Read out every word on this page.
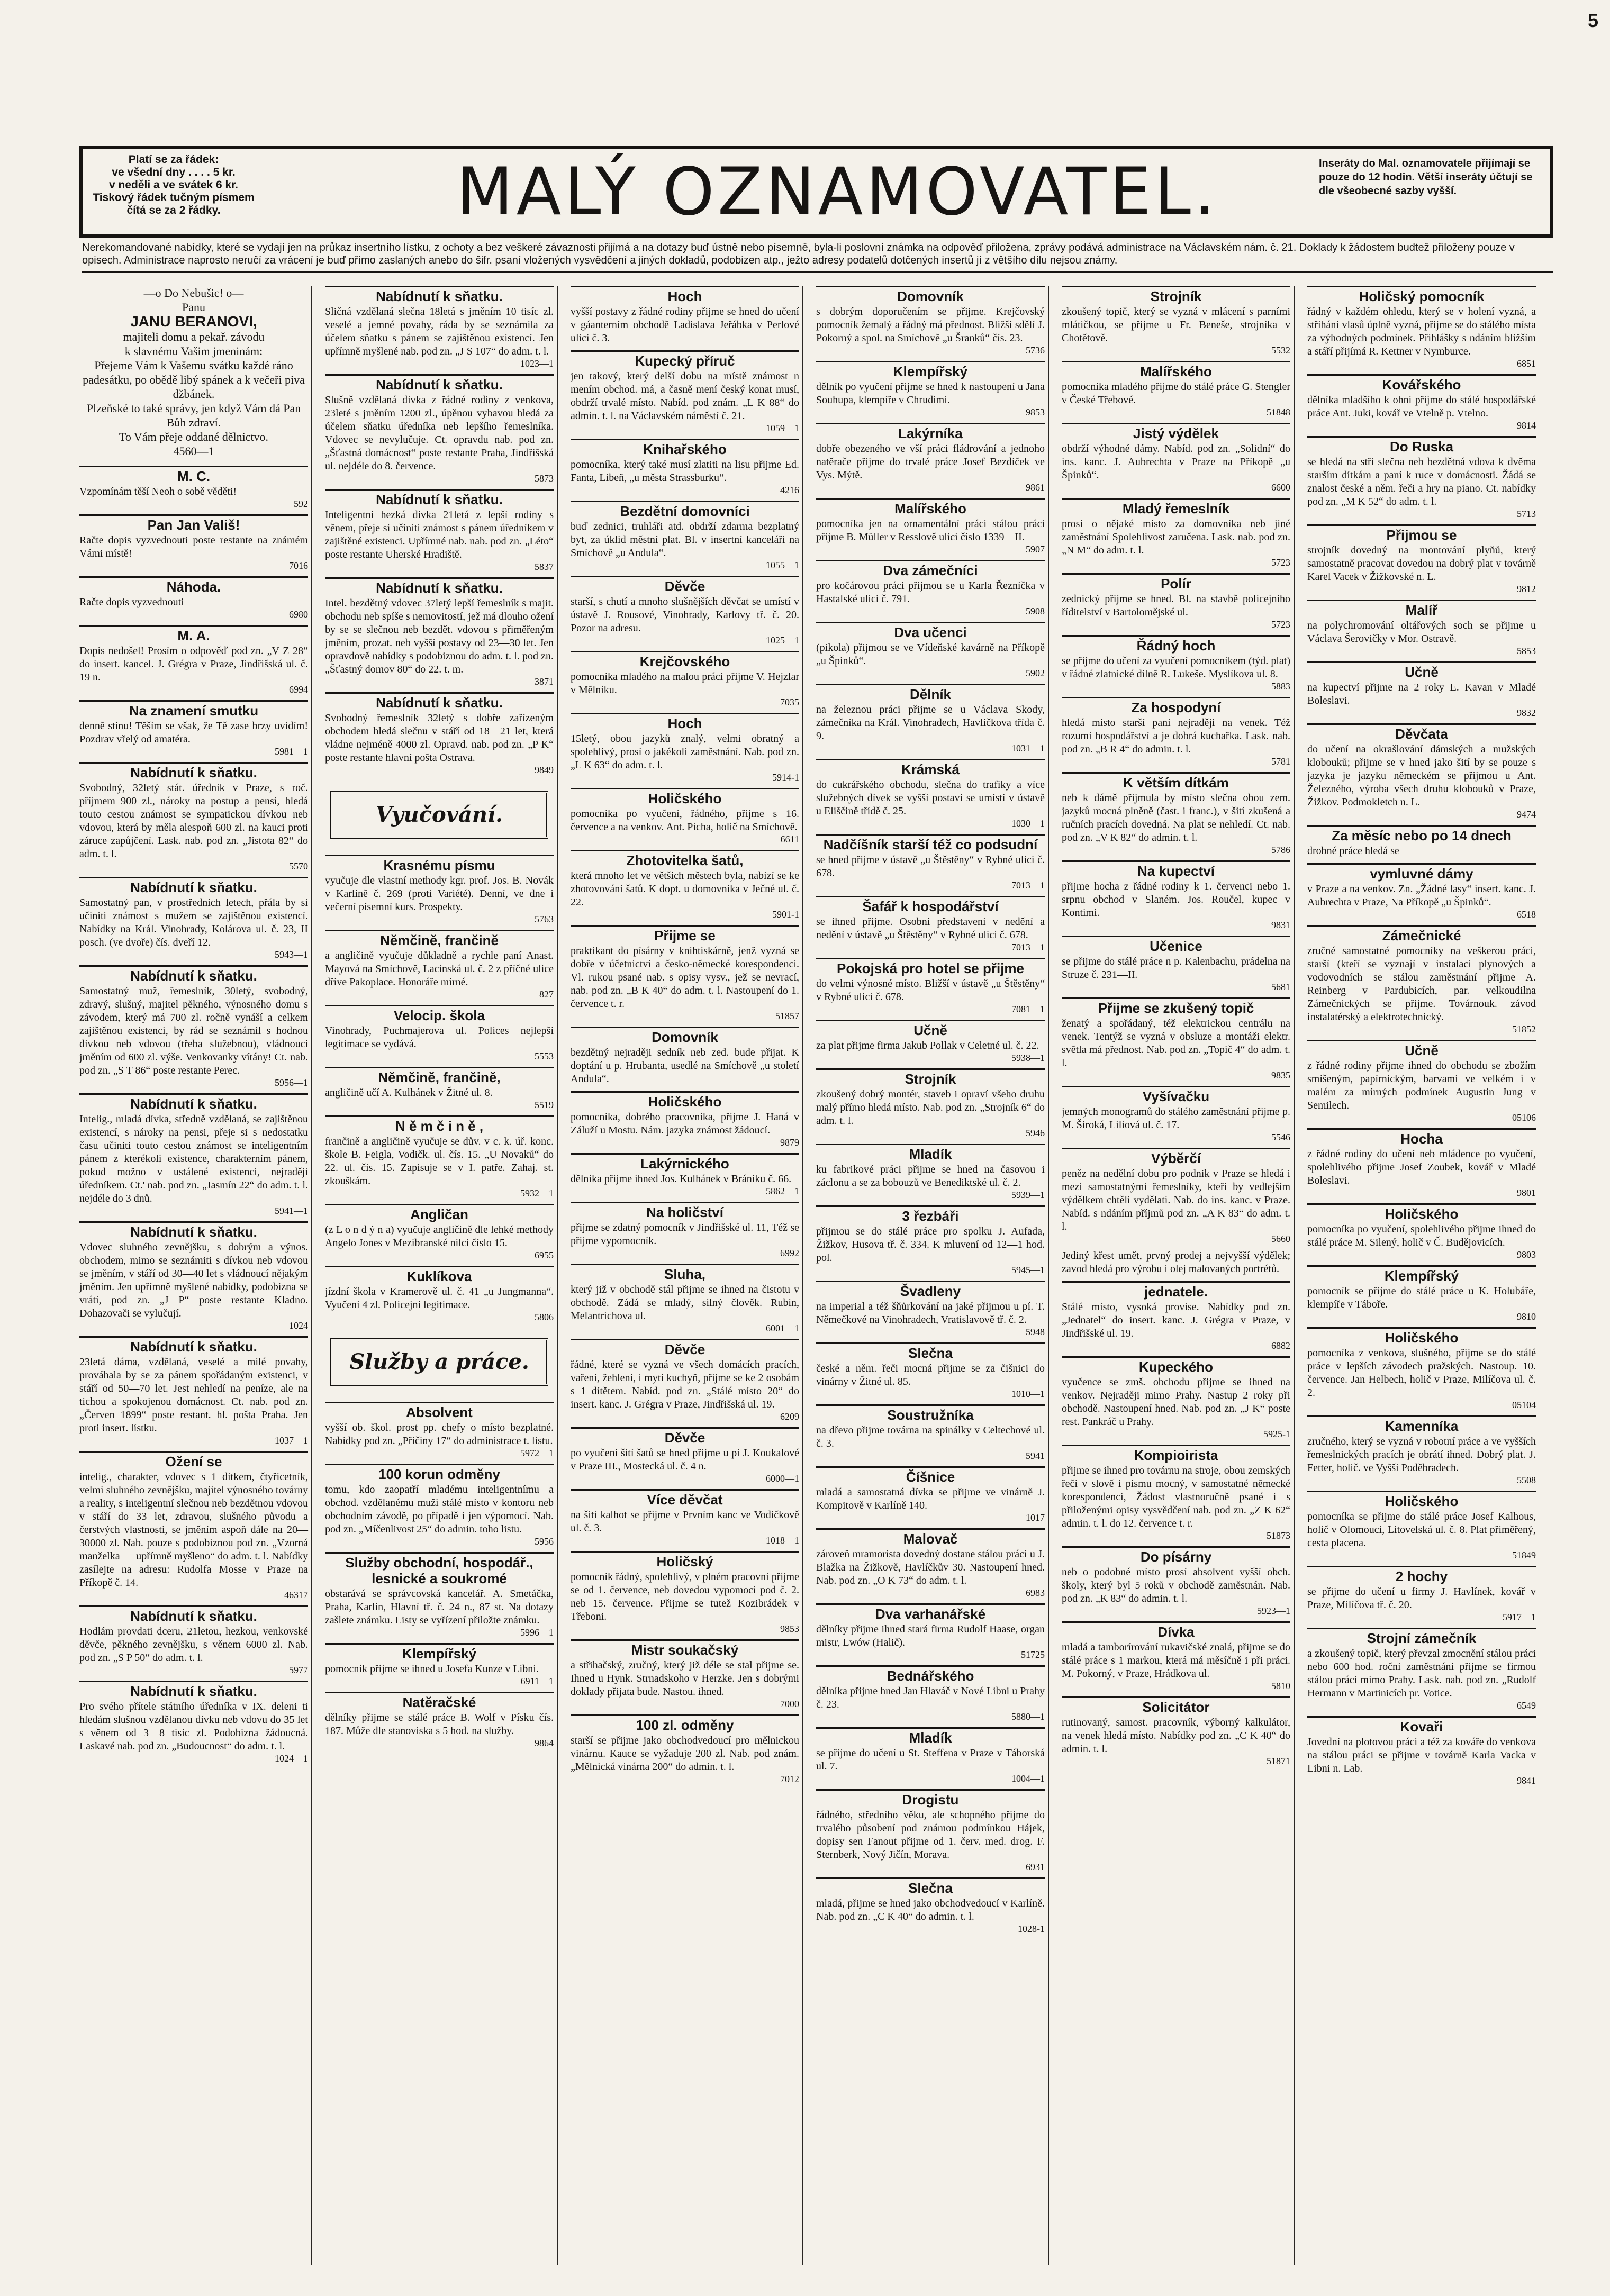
5
Platí se za řádek:
ve všední dny . . . . 5 kr.
v neděli a ve svátek 6 kr.
Tiskový řádek tučným písmem
čítá se za 2 řádky.	MALÝ OZNAMOVATEL.	Inseráty do Mal. oznamovatele přijímají se pouze do 12 hodin. Větší inseráty účtují se dle všeobecné sazby vyšší.
Nerekomandované nabídky, které se vydají jen na průkaz insertního lístku, z ochoty a bez veškeré závaznosti přijímá a na dotazy buď ústně nebo písemně, byla-li poslovní známka na odpověď přiložena, zprávy podává administrace na Václavském nám. č. 21. Doklady k žádostem budtež přiloženy pouze v opisech. Administrace naprosto neručí za vrácení je buď přímo zaslaných anebo do šifr. psaní vložených vysvědčení a jiných dokladů, podobizen atp., ježto adresy podatelů dotčených insertů jí z většího dílu nejsou známy.
—o Do Nebušic! o—
Panu
JANU BERANOVI,
majiteli domu a pekař. závodu
k slavnému Vašim jmeninám:
Přejeme Vám k Vašemu svátku každé ráno padesátku, po obědě libý spánek a k večeři piva džbánek.
Plzeňské to také správy, jen když Vám dá Pan Bůh zdraví.
To Vám přeje oddané dělnictvo.
4560—1
M. C.
Vzpomínám těší Neoh o sobě věděti!
592
Pan Jan Vališ!
Račte dopis vyzvednouti poste restante na známém Vámi místě!
7016
Náhoda.
Račte dopis vyzvednouti
6980
M. A.
Dopis nedošel! Prosím o odpověď pod zn. „V Z 28“ do insert. kancel. J. Grégra v Praze, Jindřišská ul. č. 19 n.
6994
Na znamení smutku
denně stínu! Těším se však, že Tě zase brzy uvidím! Pozdrav vřelý od amatéra.
5981—1
Nabídnutí k sňatku.
Svobodný, 32letý stát. úředník v Praze, s roč. příjmem 900 zl., nároky na postup a pensi, hledá touto cestou známost se sympatickou dívkou neb vdovou, která by měla alespoň 600 zl. na kauci proti záruce zapůjčení. Lask. nab. pod zn. „Jistota 82“ do adm. t. l.
5570
Nabídnutí k sňatku.
Samostatný pan, v prostředních letech, přála by si učiniti známost s mužem se zajištěnou existencí. Nabídky na Král. Vinohrady, Kolárova ul. č. 23, II posch. (ve dvoře) čís. dveří 12.
5943—1
Nabídnutí k sňatku.
Samostatný muž, řemeslník, 30letý, svobodný, zdravý, slušný, majitel pěkného, výnosného domu s závodem, který má 700 zl. ročně vynáší a celkem zajištěnou existenci, by rád se seznámil s hodnou dívkou neb vdovou (třeba služebnou), vládnoucí jměním od 600 zl. výše. Venkovanky vítány! Ct. nab. pod zn. „S T 86“ poste restante Perec.
5956—1
Nabídnutí k sňatku.
Intelig., mladá dívka, středně vzdělaná, se zajištěnou existencí, s nároky na pensi, přeje si s nedostatku času učiniti touto cestou známost se inteligentním pánem z kterékoli existence, charakterním pánem, pokud možno v ustálené existenci, nejraději úředníkem. Ct.' nab. pod zn. „Jasmín 22“ do adm. t. l. nejdéle do 3 dnů.
5941—1
Nabídnutí k sňatku.
Vdovec sluhného zevnějšku, s dobrým a výnos. obchodem, mimo se seznámiti s dívkou neb vdovou se jměním, v stáří od 30—40 let s vládnoucí nějakým jměním. Jen upřímně myšlené nabídky, podobizna se vrátí, pod zn. „J P“ poste restante Kladno. Dohazovači se vylučují.
1024
Nabídnutí k sňatku.
23letá dáma, vzdělaná, veselé a milé povahy, prováhala by se za pánem spořádaným existenci, v stáří od 50—70 let. Jest nehledí na peníze, ale na tichou a spokojenou domácnost. Ct. nab. pod zn. „Červen 1899“ poste restant. hl. pošta Praha. Jen proti insert. lístku.
1037—1
Ožení se
intelig., charakter, vdovec s 1 dítkem, čtyřicetník, velmi sluhného zevnějšku, majitel výnosného továrny a reality, s inteligentní slečnou neb bezdětnou vdovou v stáří do 33 let, zdravou, slušného původu a čerstvých vlastnosti, se jměním aspoň dále na 20—30000 zl. Nab. pouze s podobiznou pod zn. „Vzorná manželka — upřímně myšleno“ do adm. t. l. Nabídky zasílejte na adresu: Rudolfa Mosse v Praze na Příkopě č. 14.
46317
Nabídnutí k sňatku.
Hodlám provdati dceru, 21letou, hezkou, venkovské děvče, pěkného zevnějšku, s věnem 6000 zl. Nab. pod zn. „S P 50“ do adm. t. l.
5977
Nabídnutí k sňatku.
Pro svého přítele státního úředníka v IX. deleni ti hledám slušnou vzdělanou dívku neb vdovu do 35 let s věnem od 3—8 tisíc zl. Podobizna žádoucná. Laskavé nab. pod zn. „Budoucnost“ do adm. t. l.
1024—1
Nabídnutí k sňatku.
Sličná vzdělaná slečna 18letá s jměním 10 tisíc zl. veselé a jemné povahy, ráda by se seznámila za účelem sňatku s pánem se zajištěnou existencí. Jen upřímně myšlené nab. pod zn. „J S 107“ do adm. t. l.
1023—1
Nabídnutí k sňatku.
Slušně vzdělaná dívka z řádné rodiny z venkova, 23leté s jměním 1200 zl., úpěnou vybavou hledá za účelem sňatku úředníka neb lepšího řemeslníka. Vdovec se nevylučuje. Ct. opravdu nab. pod zn. „Šťastná domácnost“ poste restante Praha, Jindřišská ul. nejdéle do 8. července.
5873
Nabídnutí k sňatku.
Inteligentní hezká dívka 21letá z lepší rodiny s věnem, přeje si učiniti známost s pánem úředníkem v zajištěné existenci. Upřímné nab. nab. pod zn. „Léto“ poste restante Uherské Hradiště.
5837
Nabídnutí k sňatku.
Intel. bezdětný vdovec 37letý lepší řemeslník s majit. obchodu neb spíše s nemovitostí, jež má dlouho ožení by se se slečnou neb bezdět. vdovou s přiměřeným jměním, prozat. neb vyšší postavy od 23—30 let. Jen opravdově nabídky s podobiznou do adm. t. l. pod zn. „Šťastný domov 80“ do 22. t. m.
3871
Nabídnutí k sňatku.
Svobodný řemeslník 32letý s dobře zařízeným obchodem hledá slečnu v stáří od 18—21 let, která vládne nejméně 4000 zl. Opravd. nab. pod zn. „P K“ poste restante hlavní pošta Ostrava.
9849
Vyučování.
Krasnému písmu
vyučuje dle vlastní methody kgr. prof. Jos. B. Novák v Karlíně č. 269 (proti Variété). Denní, ve dne i večerní písemní kurs. Prospekty.
5763
Němčině, frančině
a angličině vyučuje důkladně a rychle paní Anast. Mayová na Smíchově, Lacinská ul. č. 2 z příčné ulice dříve Pakoplace. Honoráře mírné.
827
Velocip. škola
Vinohrady, Puchmajerova ul. Polices nejlepší legitimace se vydává.
5553
Němčině, frančině,
angličině učí A. Kulhánek v Žitné ul. 8.
5519
N ě m č i n ě ,
frančině a angličině vyučuje se dův. v c. k. úř. konc. škole B. Feigla, Vodičk. ul. čís. 15. „U Novaků“ do 22. ul. čís. 15. Zapisuje se v I. patře. Zahaj. st. zkouškám.
5932—1
Angličan
(z L o n d ý n a) vyučuje angličině dle lehké methody Angelo Jones v Mezibranské nilci číslo 15.
6955
Kuklíkova
jízdní škola v Kramerově ul. č. 41 „u Jungmanna“. Vyučení 4 zl. Policejní legitimace.
5806
Služby a práce.
Absolvent
vyšší ob. škol. prost pp. chefy o místo bezplatné. Nabídky pod zn. „Příčiny 17“ do administrace t. listu.
5972—1
100 korun odměny
tomu, kdo zaopatří mladému inteligentnímu a obchod. vzdělanému muži stálé místo v kontoru neb obchodním závodě, po případě i jen výpomocí. Nab. pod zn. „Míčenlivost 25“ do admin. toho listu.
5956
Služby obchodní, hospodář., lesnické a soukromé
obstarává se správcovská kancelář. A. Smetáčka, Praha, Karlín, Hlavní tř. č. 24 n., 87 st. Na dotazy zašlete známku. Listy se vyřízení přiložte známku.
5996—1
Klempířský
pomocník přijme se ihned u Josefa Kunze v Libni.
6911—1
Natěračské
dělníky přijme se stálé práce B. Wolf v Písku čís. 187. Může dle stanoviska s 5 hod. na služby.
9864
Hoch
vyšší postavy z řádné rodiny přijme se hned do učení v gáanterním obchodě Ladislava Jeřábka v Perlové ulici č. 3.
Kupecký příruč
jen takový, který delší dobu na místě známost n mením obchod. má, a časně mení český konat musí, obdrží trvalé místo. Nabíd. pod znám. „L K 88“ do admin. t. l. na Václavském náměstí č. 21.
1059—1
Knihařského
pomocníka, který také musí zlatiti na lisu přijme Ed. Fanta, Libeň, „u města Strassburku“.
4216
Bezdětní domovníci
buď zednici, truhláři atd. obdrží zdarma bezplatný byt, za úklid městní plat. Bl. v insertní kanceláři na Smíchově „u Andula“.
1055—1
Děvče
starší, s chutí a mnoho slušnějších děvčat se umístí v ústavě J. Rousové, Vinohrady, Karlovy tř. č. 20. Pozor na adresu.
1025—1
Krejčovského
pomocníka mladého na malou práci přijme V. Hejzlar v Mělníku.
7035
Hoch
15letý, obou jazyků znalý, velmi obratný a spolehlivý, prosí o jakékoli zaměstnání. Nab. pod zn. „L K 63“ do adm. t. l.
5914-1
Holičského
pomocníka po vyučení, řádného, přijme s 16. července a na venkov. Ant. Picha, holič na Smíchově.
6611
Zhotovitelka šatů,
která mnoho let ve větších městech byla, nabízí se ke zhotovování šatů. K dopt. u domovníka v Ječné ul. č. 22.
5901-1
Přijme se
praktikant do písárny v knihtiskárně, jenž vyzná se dobře v účetnictví a česko-německé korespondenci. Vl. rukou psané nab. s opisy vysv., jež se nevrací, nab. pod zn. „B K 40“ do adm. t. l. Nastoupení do 1. července t. r.
51857
Domovník
bezdětný nejraději sedník neb zed. bude přijat. K doptání u p. Hrubanta, usedlé na Smíchově „u století Andula“.
Holičského
pomocníka, dobrého pracovníka, přijme J. Haná v Záluží u Mostu. Nám. jazyka známost žádoucí.
9879
Lakýrnického
dělníka přijme ihned Jos. Kulhánek v Bráníku č. 66.
5862—1
Na holičství
přijme se zdatný pomocník v Jindřišské ul. 11, Též se přijme vypomocník.
6992
Sluha,
který již v obchodě stál přijme se ihned na čistotu v obchodě. Zádá se mladý, silný člověk. Rubin, Melantrichova ul.
6001—1
Děvče
řádné, které se vyzná ve všech domácích pracích, vaření, žehlení, i mytí kuchyň, přijme se ke 2 osobám s 1 dítětem. Nabíd. pod zn. „Stálé místo 20“ do insert. kanc. J. Grégra v Praze, Jindřišská ul. 19.
6209
Děvče
po vyučení šití šatů se hned přijme u pí J. Koukalové v Praze III., Mostecká ul. č. 4 n.
6000—1
Více děvčat
na šiti kalhot se přijme v Prvním kanc ve Vodičkově ul. č. 3.
1018—1
Holičský
pomocník řádný, spolehlivý, v plném pracovní přijme se od 1. července, neb dovedou vypomoci pod č. 2. neb 15. července. Přijme se tutež Kozibrádek v Třeboni.
9853
Mistr soukačský
a střihačský, zručný, který již déle se stal přijme se. Ihned u Hynk. Strnadskoho v Herzke. Jen s dobrými doklady přijata bude. Nastou. ihned.
7000
100 zl. odměny
starší se přijme jako obchodvedoucí pro mělnickou vinárnu. Kauce se vyžaduje 200 zl. Nab. pod znám. „Mělnická vinárna 200“ do admin. t. l.
7012
Domovník
s dobrým doporučením se přijme. Krejčovský pomocník žemalý a řádný má přednost. Bližší sdělí J. Pokorný a spol. na Smíchově „u Šranků“ čís. 23.
5736
Klempířský
dělník po vyučení přijme se hned k nastoupení u Jana Souhupa, klempíře v Chrudimi.
9853
Lakýrníka
dobře obezeného ve vší práci fládrování a jednoho natěrače přijme do trvalé práce Josef Bezdíček ve Vys. Mýtě.
9861
Malířského
pomocníka jen na ornamentální práci stálou práci přijme B. Müller v Resslově ulici číslo 1339—II.
5907
Dva zámečníci
pro kočárovou práci přijmou se u Karla Řezníčka v Hastalské ulici č. 791.
5908
Dva učenci
(pikola) přijmou se ve Vídeňské kavárně na Příkopě „u Špinků“.
5902
Dělník
na železnou práci přijme se u Václava Skody, zámečníka na Král. Vinohradech, Havlíčkova třída č. 9.
1031—1
Krámská
do cukrářského obchodu, slečna do trafiky a více služebných dívek se vyšší postaví se umístí v ústavě u Eliščině třídě č. 25.
1030—1
Nadčíšník starší též co podsudní
se hned přijme v ústavě „u Štěstěny“ v Rybné ulici č. 678.
7013—1
Šafář k hospodářství
se ihned přijme. Osobní představení v nedění a nedění v ústavě „u Štěstěny“ v Rybné ulici č. 678.
7013—1
Pokojská pro hotel se přijme
do velmi výnosné místo. Bližší v ústavě „u Štěstěny“ v Rybné ulici č. 678.
7081—1
Učně
za plat přijme firma Jakub Pollak v Celetné ul. č. 22.
5938—1
Strojník
zkoušený dobrý montér, staveb i opraví všeho druhu malý přímo hledá místo. Nab. pod zn. „Strojník 6“ do adm. t. l.
5946
Mladík
ku fabrikové práci přijme se hned na časovou i záclonu a se za bobouzů ve Benediktské ul. č. 2.
5939—1
3 řezbáři
přijmou se do stálé práce pro spolku J. Aufada, Žižkov, Husova tř. č. 334. K mluvení od 12—1 hod. pol.
5945—1
Švadleny
na imperial a též šňůrkování na jaké přijmou u pí. T. Němečkové na Vinohradech, Vratislavově tř. č. 2.
5948
Slečna
české a něm. řeči mocná přijme se za čišnici do vinárny v Žitné ul. 85.
1010—1
Soustružníka
na dřevo přijme továrna na spinálky v Celtechové ul. č. 3.
5941
Číšnice
mladá a samostatná dívka se přijme ve vinárně J. Kompitově v Karlíně 140.
1017
Malovač
zároveň mramorista dovedný dostane stálou práci u J. Blažka na Žižkově, Havlíčkův 30. Nastoupení hned. Nab. pod zn. „O K 73“ do adm. t. l.
6983
Dva varhanářské
dělníky přijme ihned stará firma Rudolf Haase, organ mistr, Lwów (Halič).
51725
Bednářského
dělníka přijme hned Jan Hlaváč v Nové Libni u Prahy č. 23.
5880—1
Mladík
se přijme do učení u St. Steffena v Praze v Táborská ul. 7.
1004—1
Drogistu
řádného, středního věku, ale schopného přijme do trvalého působení pod známou podmínkou Hájek, dopisy sen Fanout přijme od 1. červ. med. drog. F. Sternberk, Nový Jičín, Morava.
6931
Slečna
mladá, přijme se hned jako obchodvedoucí v Karlíně. Nab. pod zn. „C K 40“ do admin. t. l.
1028-1
Strojník
zkoušený topič, který se vyzná v mlácení s parními mlátičkou, se přijme u Fr. Beneše, strojníka v Chotětově.
5532
Malířského
pomocníka mladého přijme do stálé práce G. Stengler v České Třebové.
51848
Jistý výdělek
obdrží výhodné dámy. Nabíd. pod zn. „Solidní“ do ins. kanc. J. Aubrechta v Praze na Příkopě „u Špinků“.
6600
Mladý řemeslník
prosí o nějaké místo za domovníka neb jiné zaměstnání Spolehlivost zaručena. Lask. nab. pod zn. „N M“ do adm. t. l.
5723
Polír
zednický přijme se hned. Bl. na stavbě policejního říditelství v Bartolomějské ul.
5723
Řádný hoch
se přijme do učení za vyučení pomocníkem (týd. plat) v řádné zlatnické dílně R. Lukeše. Myslíkova ul. 8.
5883
Za hospodyní
hledá místo starší paní nejraději na venek. Též rozumí hospodářství a je dobrá kuchařka. Lask. nab. pod zn. „B R 4“ do admin. t. l.
5781
K větším dítkám
neb k dámě přijmula by místo slečna obou zem. jazyků mocná plněně (čast. i franc.), v šití zkušená a ručních pracích dovedná. Na plat se nehledí. Ct. nab. pod zn. „V K 82“ do admin. t. l.
5786
Na kupectví
přijme hocha z řádné rodiny k 1. červenci nebo 1. srpnu obchod v Slaném. Jos. Roučel, kupec v Kontimi.
9831
Učenice
se přijme do stálé práce n p. Kalenbachu, prádelna na Struze č. 231—II.
5681
Přijme se zkušený topič
ženatý a spořádaný, též elektrickou centrálu na venek. Tentýž se vyzná v obsluze a montáži elektr. světla má přednost. Nab. pod zn. „Topič 4“ do adm. t. l.
9835
Vyšívačku
jemných monogramů do stálého zaměstnání přijme p. M. Široká, Liliová ul. č. 17.
5546
Výběrčí
peněz na nedělní dobu pro podnik v Praze se hledá i mezi samostatnými řemeslníky, kteří by vedlejším výdělkem chtěli vydělati. Nab. do ins. kanc. v Praze. Nabíd. s ndáním příjmů pod zn. „A K 83“ do adm. t. l.
5660
Jediný křest umět, prvný prodej a nejvyšší výdělek; zavod hledá pro výrobu i olej malovaných portrétů.
jednatele.
Stálé místo, vysoká provise. Nabídky pod zn. „Jednatel“ do insert. kanc. J. Grégra v Praze, v Jindřišské ul. 19.
6882
Kupeckého
vyučence se zmš. obchodu přijme se ihned na venkov. Nejraději mimo Prahy. Nastup 2 roky při obchodě. Nastoupení hned. Nab. pod zn. „J K“ poste rest. Pankráč u Prahy.
5925-1
Kompioirista
přijme se ihned pro továrnu na stroje, obou zemských řečí v slově i písmu mocný, v samostatné německé korespondenci, Žádost vlastnoručně psané i s přiloženými opisy vysvědčení nab. pod zn. „Z K 62“ admin. t. l. do 12. července t. r.
51873
Do písárny
neb o podobné místo prosí absolvent vyšší obch. školy, který byl 5 roků v obchodě zaměstnán. Nab. pod zn. „K 83“ do admin. t. l.
5923—1
Dívka
mladá a tamborírování rukavičské znalá, přijme se do stálé práce s 1 markou, která má měsíčně i při práci. M. Pokorný, v Praze, Hrádkova ul.
5810
Solicitátor
rutinovaný, samost. pracovník, výborný kalkulátor, na venek hledá místo. Nabídky pod zn. „C K 40“ do admin. t. l.
51871
Holičský pomocník
řádný v každém ohledu, který se v holení vyzná, a stříhání vlasů úplně vyzná, přijme se do stálého místa za výhodných podmínek. Přihlášky s ndáním bližším a stáří přijímá R. Kettner v Nymburce.
6851
Kovářského
dělníka mladšího k ohni přijme do stálé hospodářské práce Ant. Juki, kovář ve Vtelně p. Vtelno.
9814
Do Ruska
se hledá na stři slečna neb bezdětná vdova k dvěma starším dítkám a paní k ruce v domácnosti. Žádá se znalost české a něm. řeči a hry na piano. Ct. nabídky pod zn. „M K 52“ do adm. t. l.
5713
Přijmou se
strojník dovedný na montování plyňů, který samostatně pracovat dovedou na dobrý plat v továrně Karel Vacek v Žižkovské n. L.
9812
Malíř
na polychromování oltářových soch se přijme u Václava Šerovičky v Mor. Ostravě.
5853
Učně
na kupectví přijme na 2 roky E. Kavan v Mladé Boleslavi.
9832
Děvčata
do učení na okrašlování dámských a mužských klobouků; přijme se v hned jako šití by se pouze s jazyka je jazyku německém se přijmou u Ant. Železného, výroba všech druhu klobouků v Praze, Žižkov. Podmokletch n. L.
9474
Za měsíc nebo po 14 dnech
drobné práce hledá se
vymluvné dámy
v Praze a na venkov. Zn. „Žádné lasy“ insert. kanc. J. Aubrechta v Praze, Na Příkopě „u Špinků“.
6518
Zámečnické
zručné samostatné pomocníky na veškerou práci, starší (kteří se vyznají v instalaci plynových a vodovodních se stálou zaměstnání přijme A. Reinberg v Pardubicích, par. velkoudilna Zámečnických se přijme. Továrnouk. závod instalatérský a elektrotechnický.
51852
Učně
z řádné rodiny přijme ihned do obchodu se zbožím smíšeným, papírnickým, barvami ve velkém i v malém za mírných podmínek Augustin Jung v Semilech.
05106
Hocha
z řádné rodiny do učení neb mládence po vyučení, spolehlivého přijme Josef Zoubek, kovář v Mladé Boleslavi.
9801
Holičského
pomocníka po vyučení, spolehlivého přijme ihned do stálé práce M. Silený, holič v Č. Budějovicích.
9803
Klempířský
pomocník se přijme do stálé práce u K. Holubáře, klempíře v Táboře.
9810
Holičského
pomocníka z venkova, slušného, přijme se do stálé práce v lepších závodech pražských. Nastoup. 10. července. Jan Helbech, holič v Praze, Milíčova ul. č. 2.
05104
Kamenníka
zručného, který se vyzná v robotní práce a ve vyšších řemeslnických pracích je obrátí ihned. Dobrý plat. J. Fetter, holič. ve Vyšší Poděbradech.
5508
Holičského
pomocníka se přijme do stálé práce Josef Kalhous, holič v Olomouci, Litovelská ul. č. 8. Plat přiměřený, cesta placena.
51849
2 hochy
se přijme do učení u firmy J. Havlínek, kovář v Praze, Milíčova tř. č. 20.
5917—1
Strojní zámečník
a zkoušený topič, který převzal zmocnění stálou práci nebo 600 hod. roční zaměstnání přijme se firmou stálou práci mimo Prahy. Lask. nab. pod zn. „Rudolf Hermann v Martinicích pr. Votice.
6549
Kovaři
Jovední na plotovou práci a též za kováře do venkova na stálou práci se přijme v továrně Karla Vacka v Libni n. Lab.
9841
